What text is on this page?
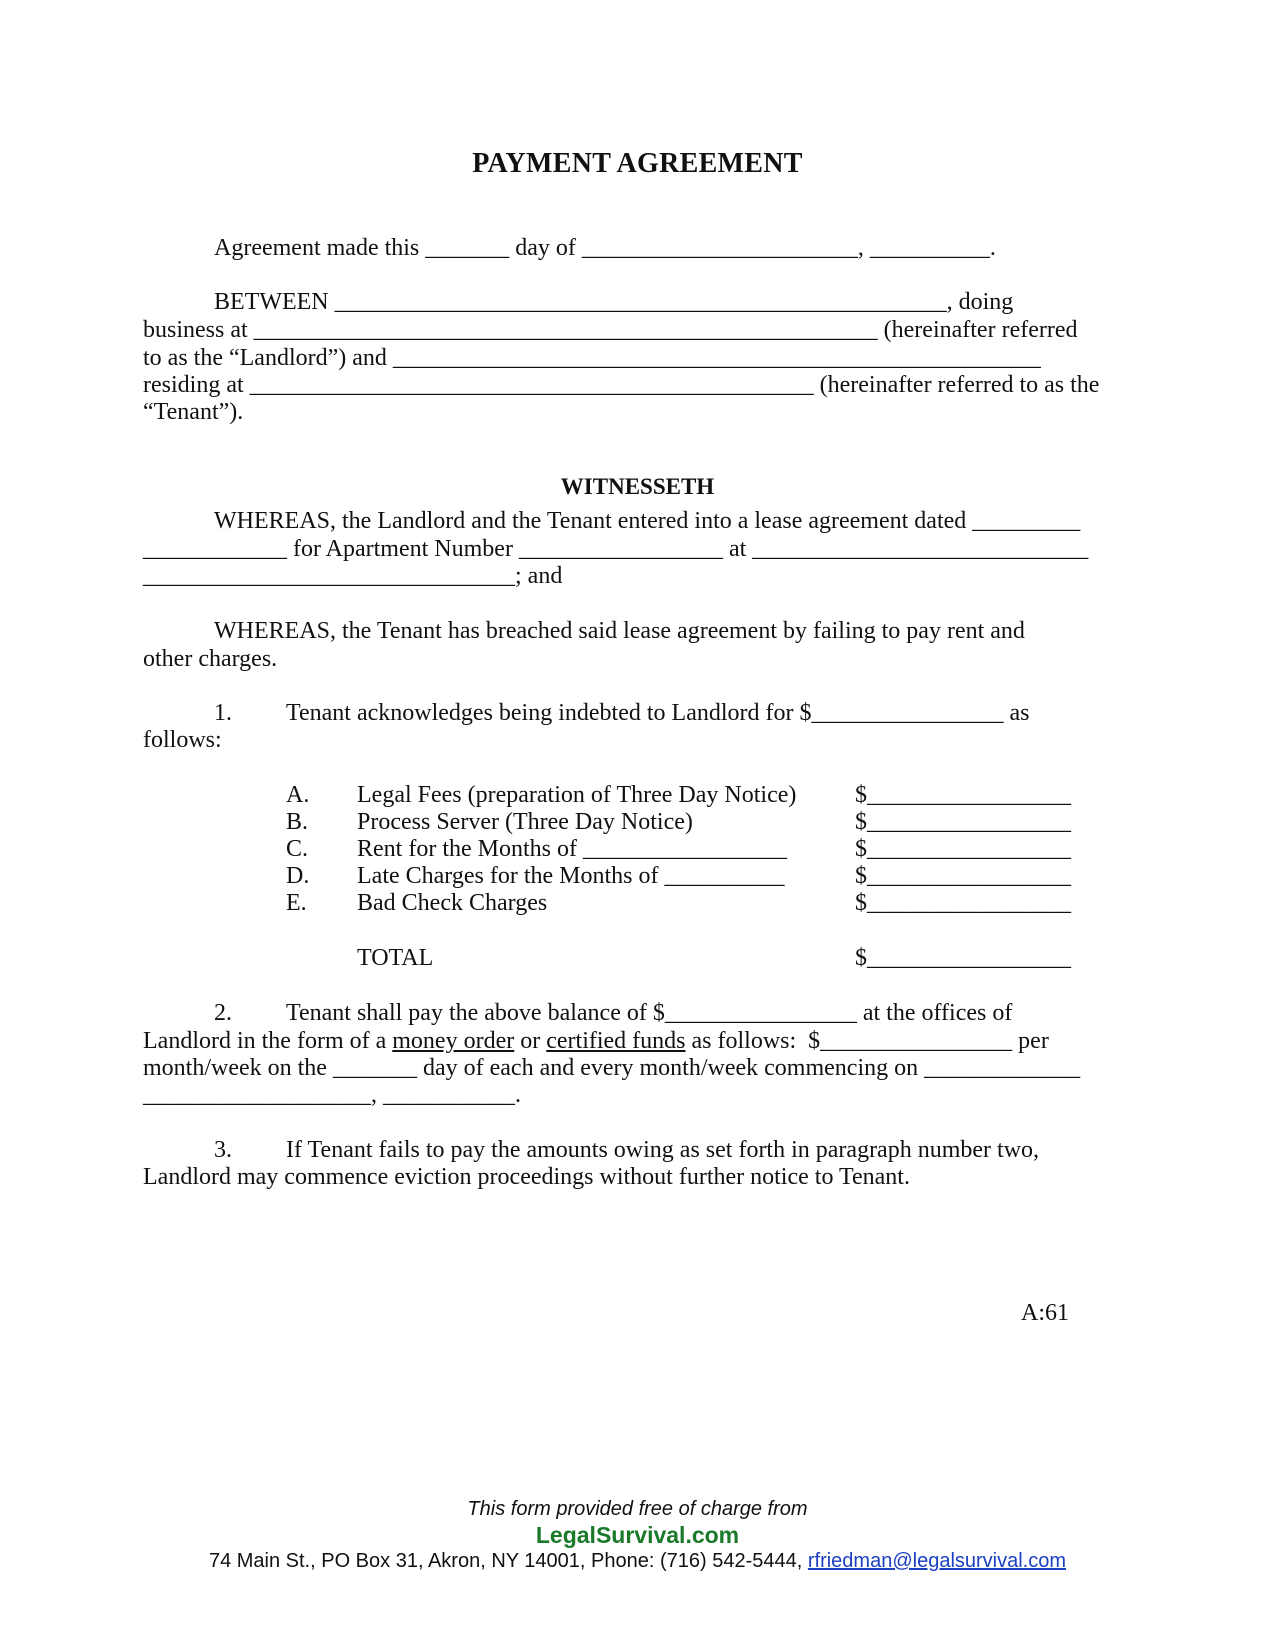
PAYMENT AGREEMENT
Agreement made this _______ day of _______________________, __________.
BETWEEN ___________________________________________________, doing
business at ____________________________________________________ (hereinafter referred
to as the “Landlord”) and ______________________________________________________
residing at _______________________________________________ (hereinafter referred to as the
“Tenant”).
WITNESSETH
WHEREAS, the Landlord and the Tenant entered into a lease agreement dated _________
____________ for Apartment Number _________________ at ____________________________
_______________________________; and
WHEREAS, the Tenant has breached said lease agreement by failing to pay rent and
other charges.
1. Tenant acknowledges being indebted to Landlord for $________________ as
follows:
A. Legal Fees (preparation of Three Day Notice) $_________________
B. Process Server (Three Day Notice)	$_________________
C. Rent for the Months of _________________	$_________________
D. Late Charges for the Months of __________	$_________________
E. Bad Check Charges	$_________________
TOTAL	$_________________
2. Tenant shall pay the above balance of $________________ at the offices of
Landlord in the form of a money order or certified funds as follows:  $________________ per
month/week on the _______ day of each and every month/week commencing on _____________
___________________, ___________.
3. If Tenant fails to pay the amounts owing as set forth in paragraph number two,
Landlord may commence eviction proceedings without further notice to Tenant.
A:61
This form provided free of charge from
LegalSurvival.com
74 Main St., PO Box 31, Akron, NY 14001, Phone: (716) 542-5444, rfriedman@legalsurvival.com
